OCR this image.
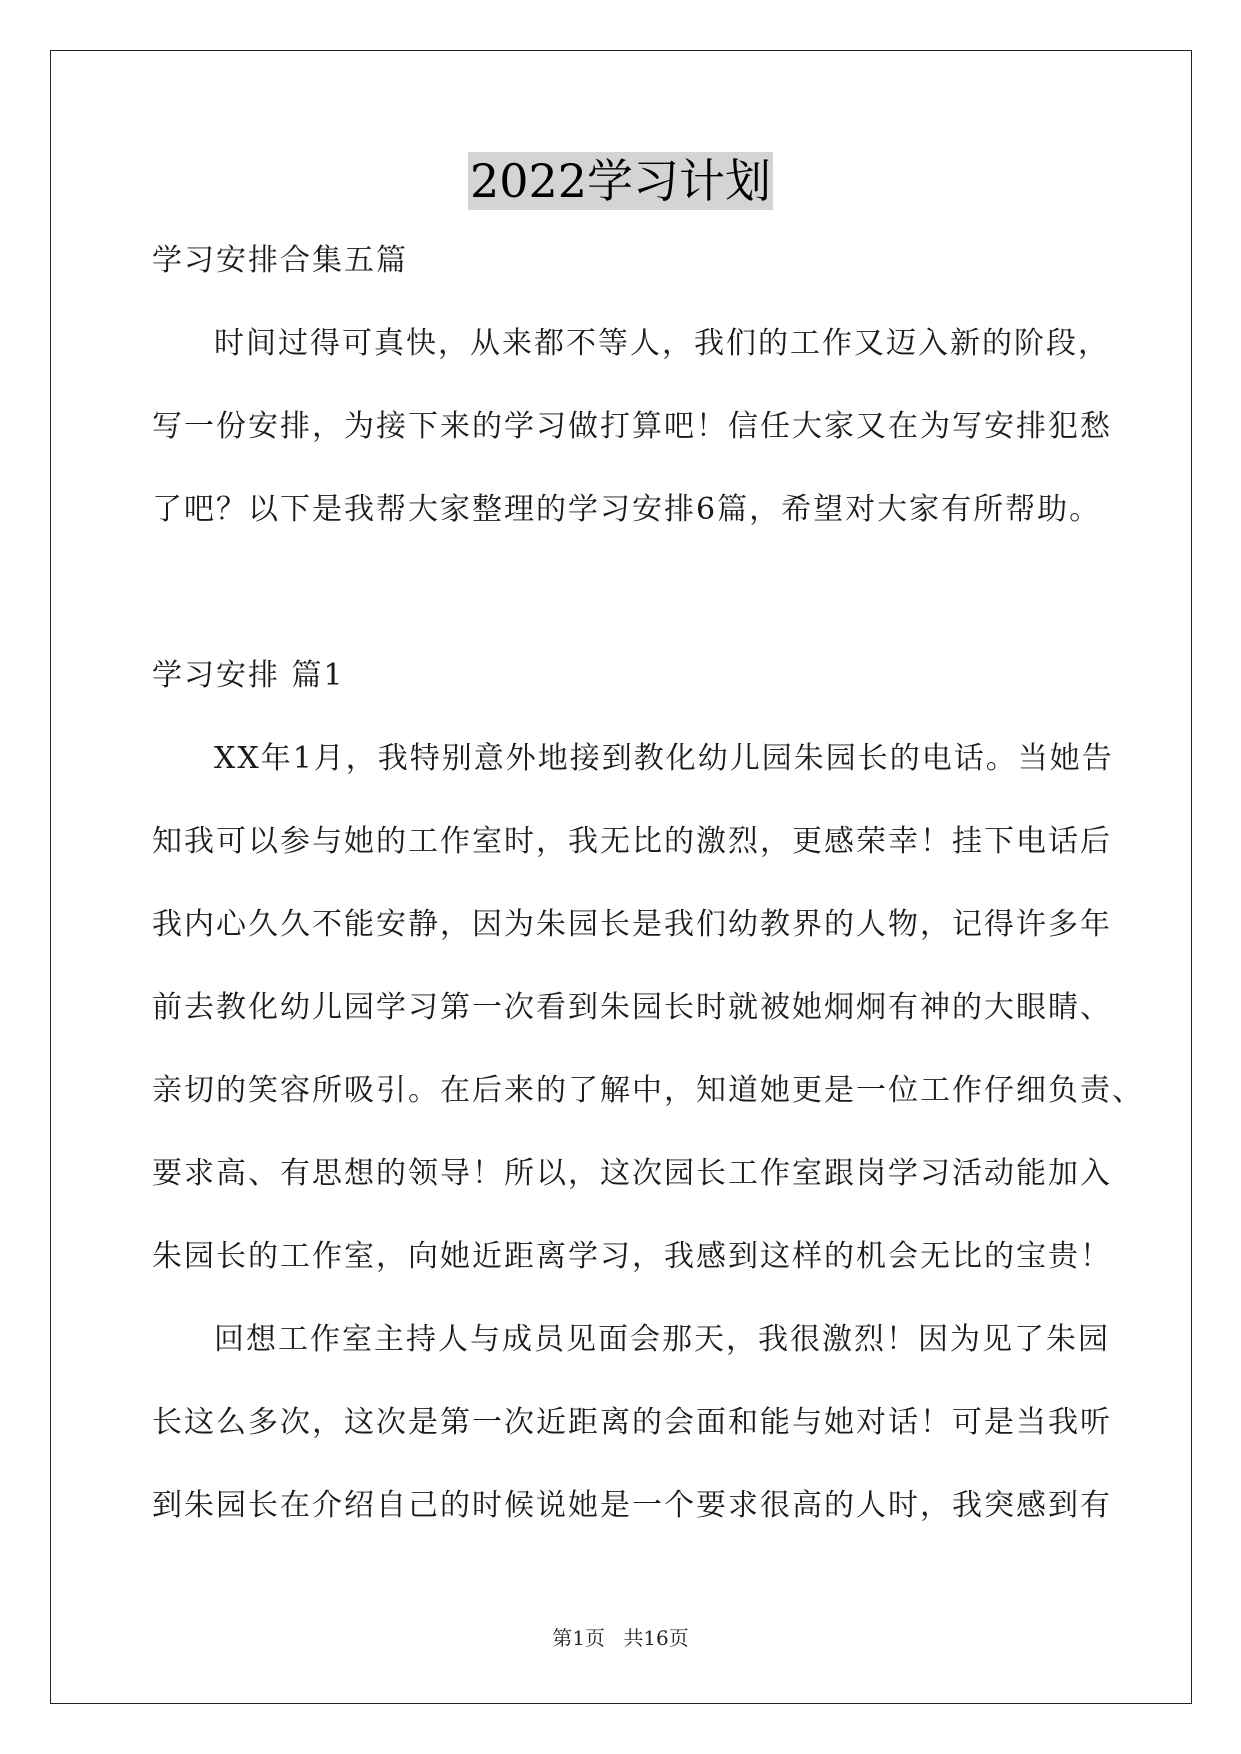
2022学习计划
学习安排合集五篇
时间过得可真快，从来都不等人，我们的工作又迈入新的阶段，
写一份安排，为接下来的学习做打算吧！信任大家又在为写安排犯愁
了吧？以下是我帮大家整理的学习安排6篇，希望对大家有所帮助。
学习安排 篇1
XX年1月，我特别意外地接到教化幼儿园朱园长的电话。当她告
知我可以参与她的工作室时，我无比的激烈，更感荣幸！挂下电话后
我内心久久不能安静，因为朱园长是我们幼教界的人物，记得许多年
前去教化幼儿园学习第一次看到朱园长时就被她炯炯有神的大眼睛、
亲切的笑容所吸引。在后来的了解中，知道她更是一位工作仔细负责、
要求高、有思想的领导！所以，这次园长工作室跟岗学习活动能加入
朱园长的工作室，向她近距离学习，我感到这样的机会无比的宝贵！
回想工作室主持人与成员见面会那天，我很激烈！因为见了朱园
长这么多次，这次是第一次近距离的会面和能与她对话！可是当我听
到朱园长在介绍自己的时候说她是一个要求很高的人时，我突感到有
第1页 共16页
